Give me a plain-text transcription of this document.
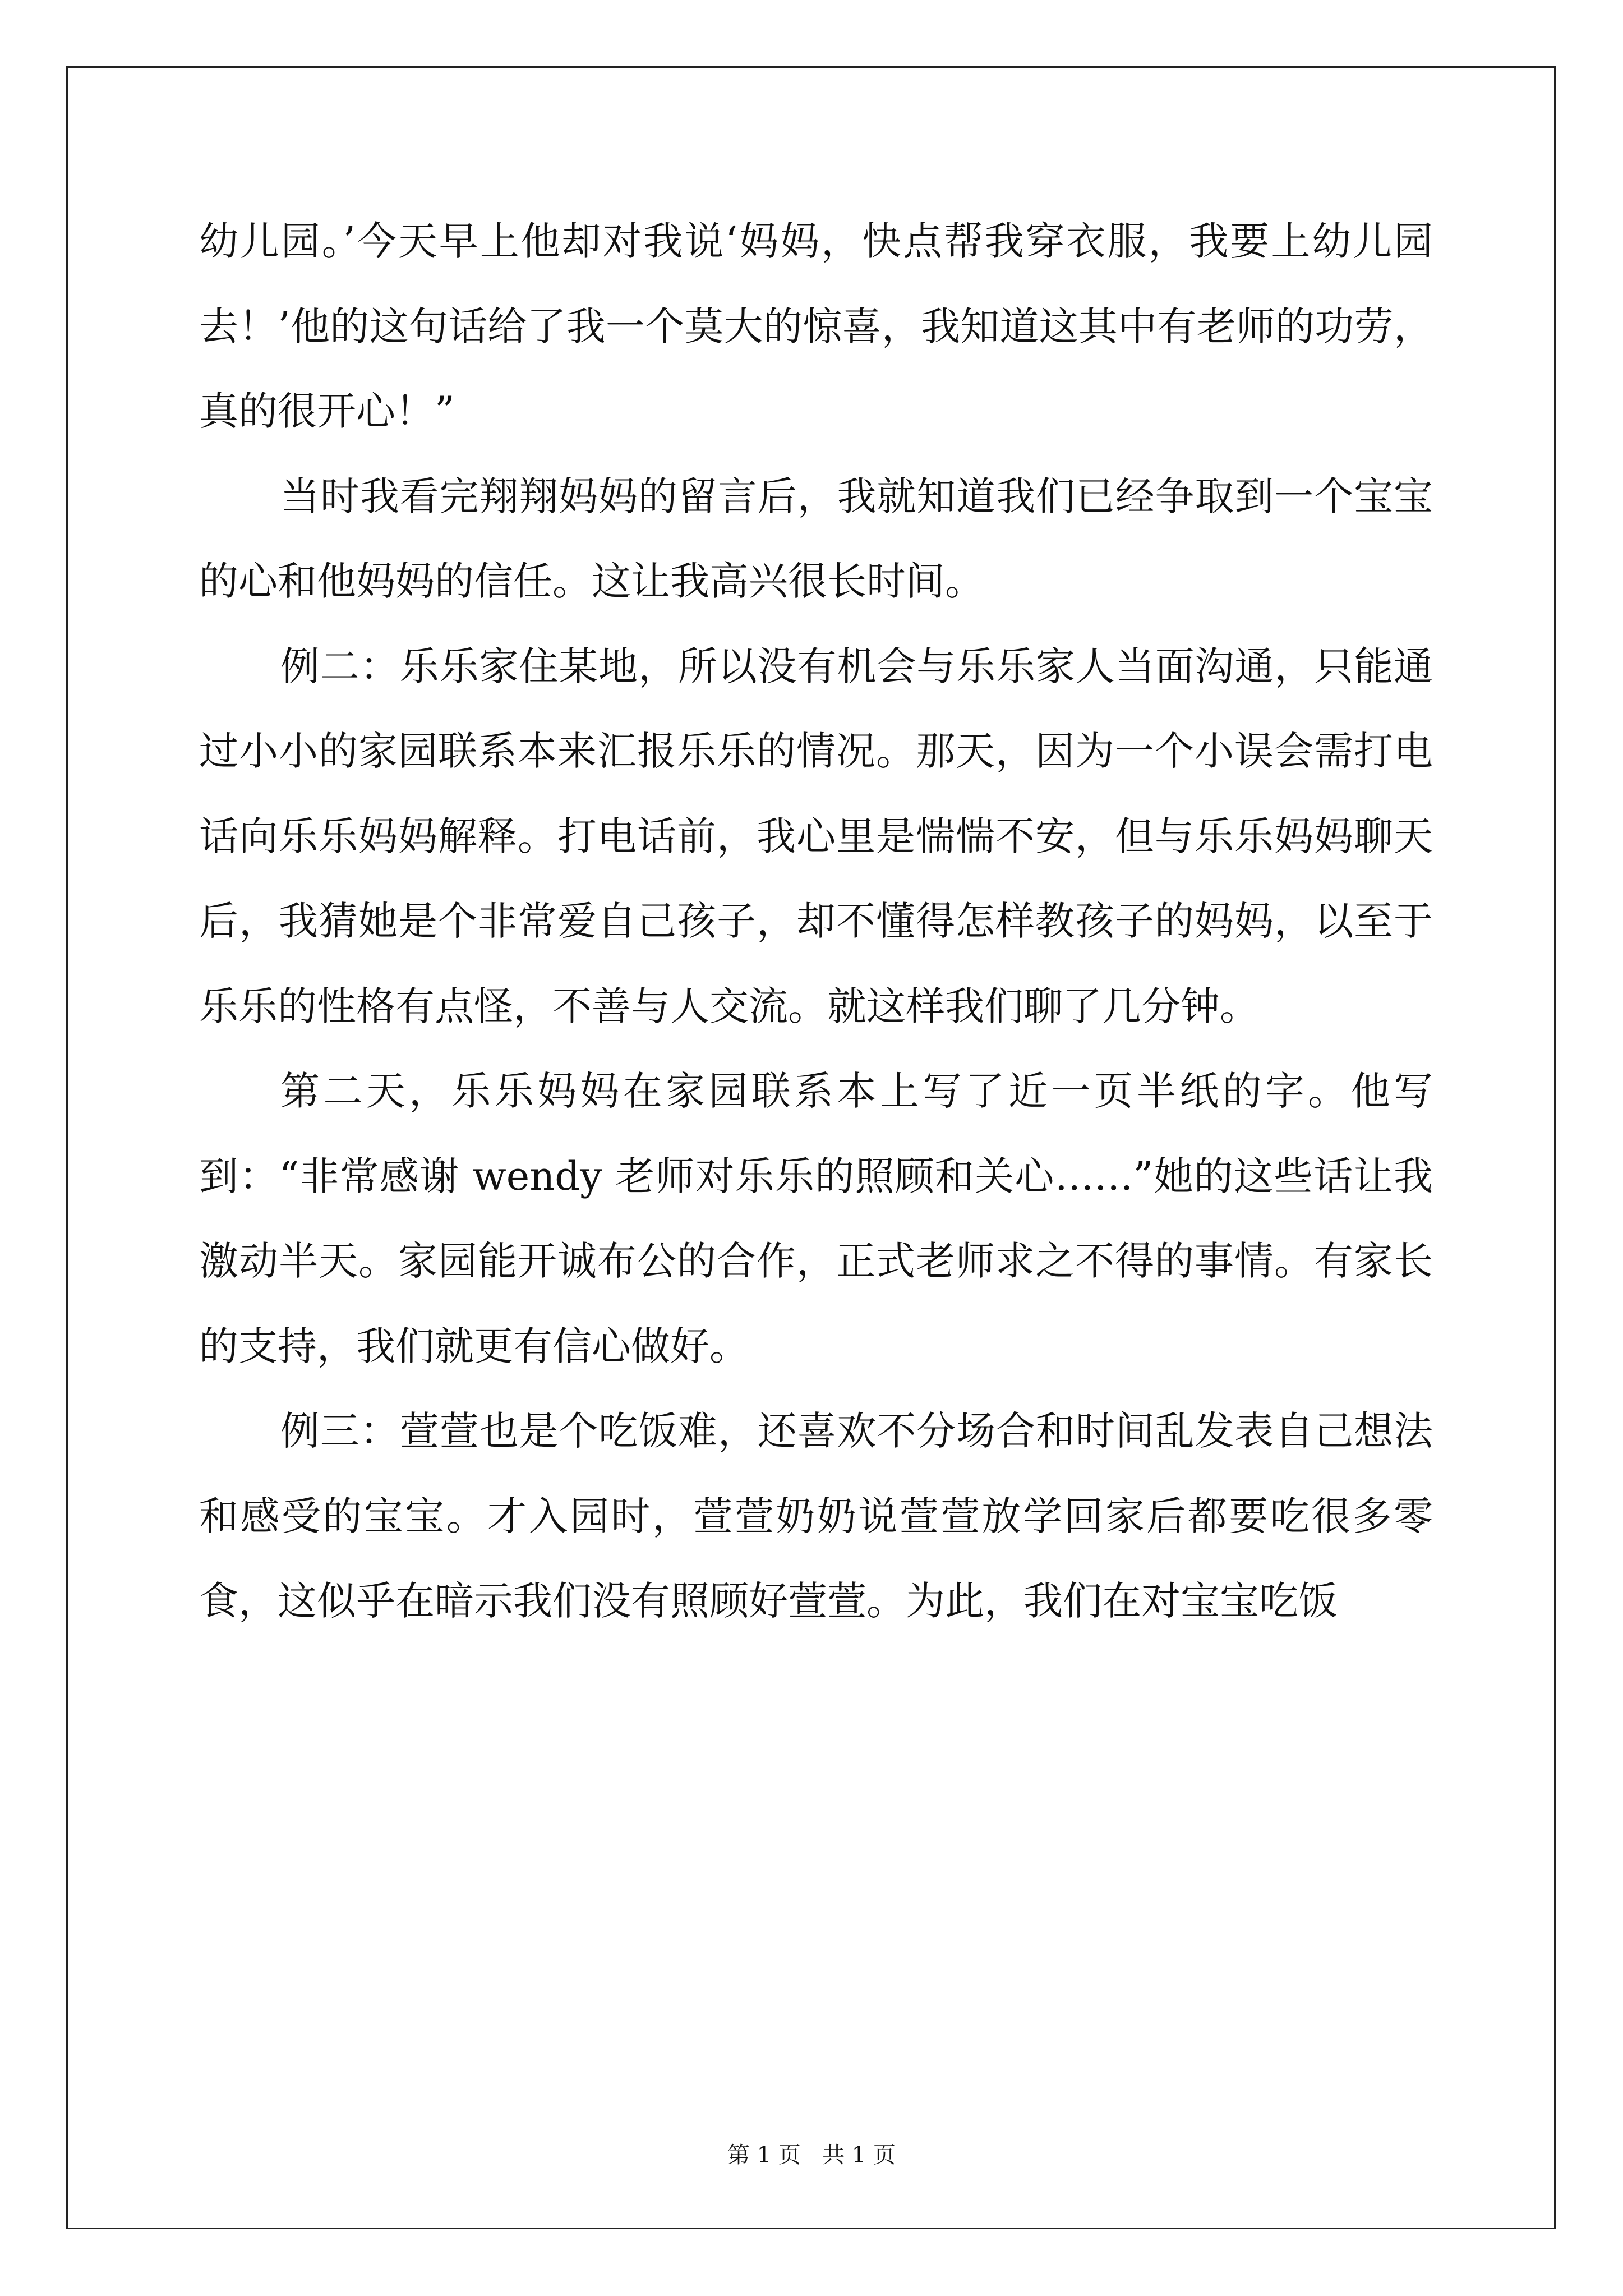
幼儿园。’今天早上他却对我说‘妈妈，快点帮我穿衣服，我要上幼儿园去！’他的这句话给了我一个莫大的惊喜，我知道这其中有老师的功劳，真的很开心！”

当时我看完翔翔妈妈的留言后，我就知道我们已经争取到一个宝宝的心和他妈妈的信任。这让我高兴很长时间。

例二：乐乐家住某地，所以没有机会与乐乐家人当面沟通，只能通过小小的家园联系本来汇报乐乐的情况。那天，因为一个小误会需打电话向乐乐妈妈解释。打电话前，我心里是惴惴不安，但与乐乐妈妈聊天后，我猜她是个非常爱自己孩子，却不懂得怎样教孩子的妈妈，以至于乐乐的性格有点怪，不善与人交流。就这样我们聊了几分钟。

第二天，乐乐妈妈在家园联系本上写了近一页半纸的字。他写到：“非常感谢 wendy 老师对乐乐的照顾和关心……”她的这些话让我激动半天。家园能开诚布公的合作，正式老师求之不得的事情。有家长的支持，我们就更有信心做好。

例三：萱萱也是个吃饭难，还喜欢不分场合和时间乱发表自己想法和感受的宝宝。才入园时，萱萱奶奶说萱萱放学回家后都要吃很多零食，这似乎在暗示我们没有照顾好萱萱。为此，我们在对宝宝吃饭

第 1 页   共 1 页
